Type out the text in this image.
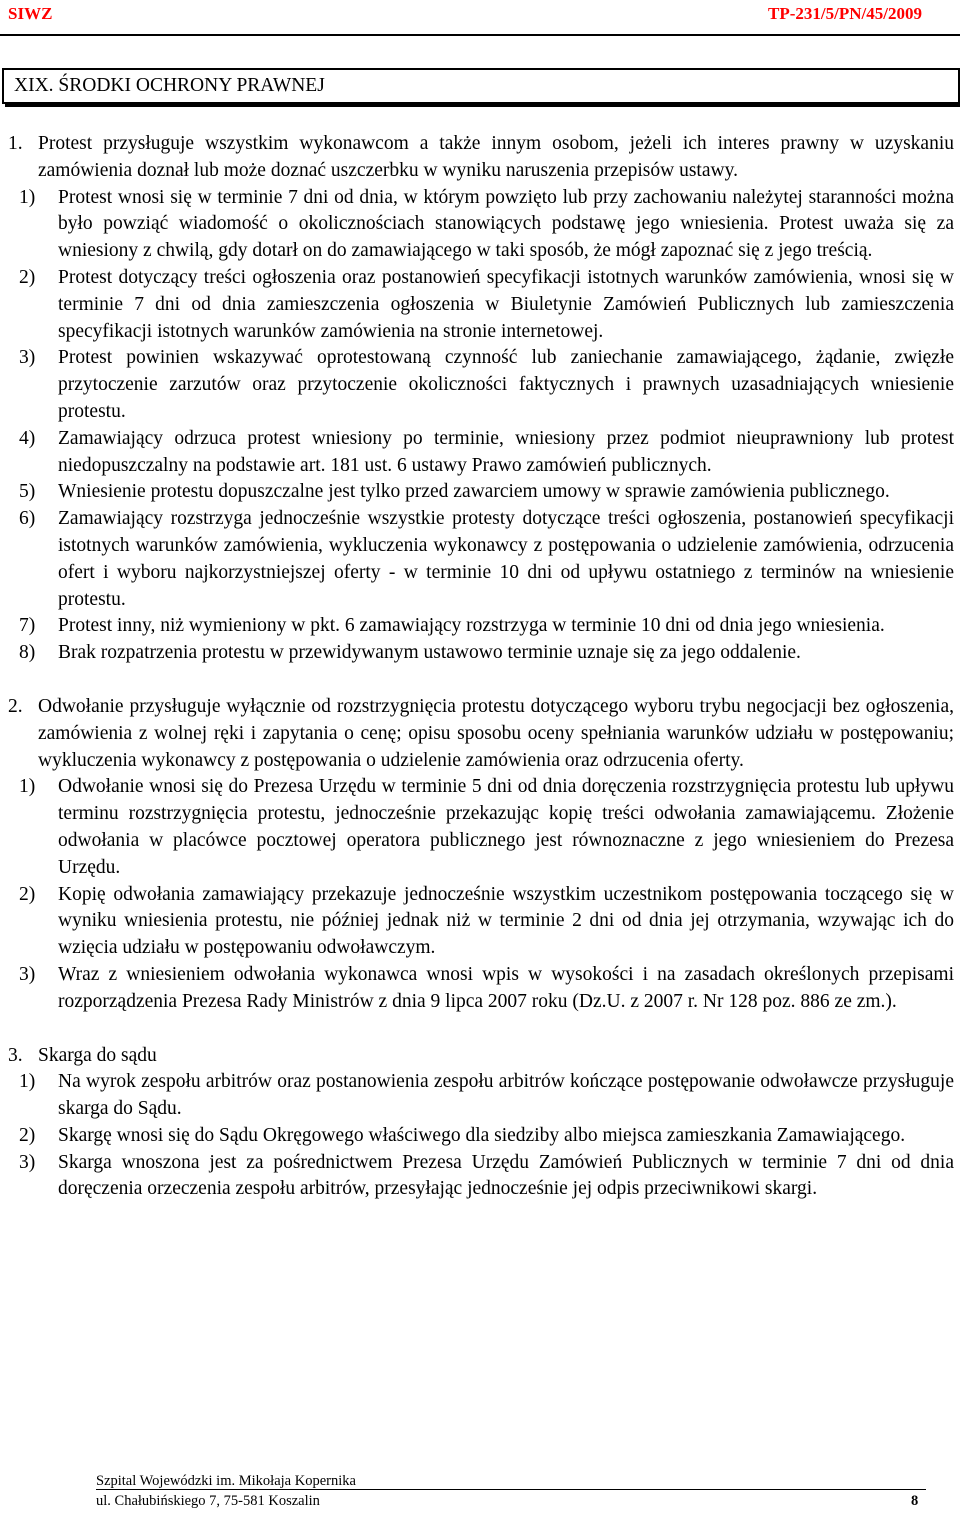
SIWZ	TP-231/5/PN/45/2009
XIX. ŚRODKI OCHRONY PRAWNEJ
1. Protest przysługuje wszystkim wykonawcom a także innym osobom, jeżeli ich interes prawny w uzyskaniu zamówienia doznał lub może doznać uszczerbku w wyniku naruszenia przepisów ustawy.
1) Protest wnosi się w terminie 7 dni od dnia, w którym powzięto lub przy zachowaniu należytej staranności można było powziąć wiadomość o okolicznościach stanowiących podstawę jego wniesienia. Protest uważa się za wniesiony z chwilą, gdy dotarł on do zamawiającego w taki sposób, że mógł zapoznać się z jego treścią.
2) Protest dotyczący treści ogłoszenia oraz postanowień specyfikacji istotnych warunków zamówienia, wnosi się w terminie 7 dni od dnia zamieszczenia ogłoszenia w Biuletynie Zamówień Publicznych lub zamieszczenia specyfikacji istotnych warunków zamówienia na stronie internetowej.
3) Protest powinien wskazywać oprotestowaną czynność lub zaniechanie zamawiającego, żądanie, zwięzłe przytoczenie zarzutów oraz przytoczenie okoliczności faktycznych i prawnych uzasadniających wniesienie protestu.
4) Zamawiający odrzuca protest wniesiony po terminie, wniesiony przez podmiot nieuprawniony lub protest niedopuszczalny na podstawie art. 181 ust. 6 ustawy Prawo zamówień publicznych.
5) Wniesienie protestu dopuszczalne jest tylko przed zawarciem umowy w sprawie zamówienia publicznego.
6) Zamawiający rozstrzyga jednocześnie wszystkie protesty dotyczące treści ogłoszenia, postanowień specyfikacji istotnych warunków zamówienia, wykluczenia wykonawcy z postępowania o udzielenie zamówienia, odrzucenia ofert i wyboru najkorzystniejszej oferty - w terminie 10 dni od upływu ostatniego z terminów na wniesienie protestu.
7) Protest inny, niż wymieniony w pkt. 6 zamawiający rozstrzyga w terminie 10 dni od dnia jego wniesienia.
8) Brak rozpatrzenia protestu w przewidywanym ustawowo terminie uznaje się za jego oddalenie.
2. Odwołanie przysługuje wyłącznie od rozstrzygnięcia protestu dotyczącego wyboru trybu negocjacji bez ogłoszenia, zamówienia z wolnej ręki i zapytania o cenę; opisu sposobu oceny spełniania warunków udziału w postępowaniu; wykluczenia wykonawcy z postępowania o udzielenie zamówienia oraz odrzucenia oferty.
1) Odwołanie wnosi się do Prezesa Urzędu w terminie 5 dni od dnia doręczenia rozstrzygnięcia protestu lub upływu terminu rozstrzygnięcia protestu, jednocześnie przekazując kopię treści odwołania zamawiającemu. Złożenie odwołania w placówce pocztowej operatora publicznego jest równoznaczne z jego wniesieniem do Prezesa Urzędu.
2) Kopię odwołania zamawiający przekazuje jednocześnie wszystkim uczestnikom postępowania toczącego się w wyniku wniesienia protestu, nie później jednak niż w terminie 2 dni od dnia jej otrzymania, wzywając ich do wzięcia udziału w postępowaniu odwoławczym.
3) Wraz z wniesieniem odwołania wykonawca wnosi wpis w wysokości i na zasadach określonych przepisami rozporządzenia Prezesa Rady Ministrów z dnia 9 lipca 2007 roku (Dz.U. z 2007 r. Nr 128 poz. 886 ze zm.).
3. Skarga do sądu
1) Na wyrok zespołu arbitrów oraz postanowienia zespołu arbitrów kończące postępowanie odwoławcze przysługuje skarga do Sądu.
2) Skargę wnosi się do Sądu Okręgowego właściwego dla siedziby albo miejsca zamieszkania Zamawiającego.
3) Skarga wnoszona jest za pośrednictwem Prezesa Urzędu Zamówień Publicznych w terminie 7 dni od dnia doręczenia orzeczenia zespołu arbitrów, przesyłając jednocześnie jej odpis przeciwnikowi skargi.
Szpital Wojewódzki im. Mikołaja Kopernika
ul. Chałubińskiego 7, 75-581 Koszalin	8
